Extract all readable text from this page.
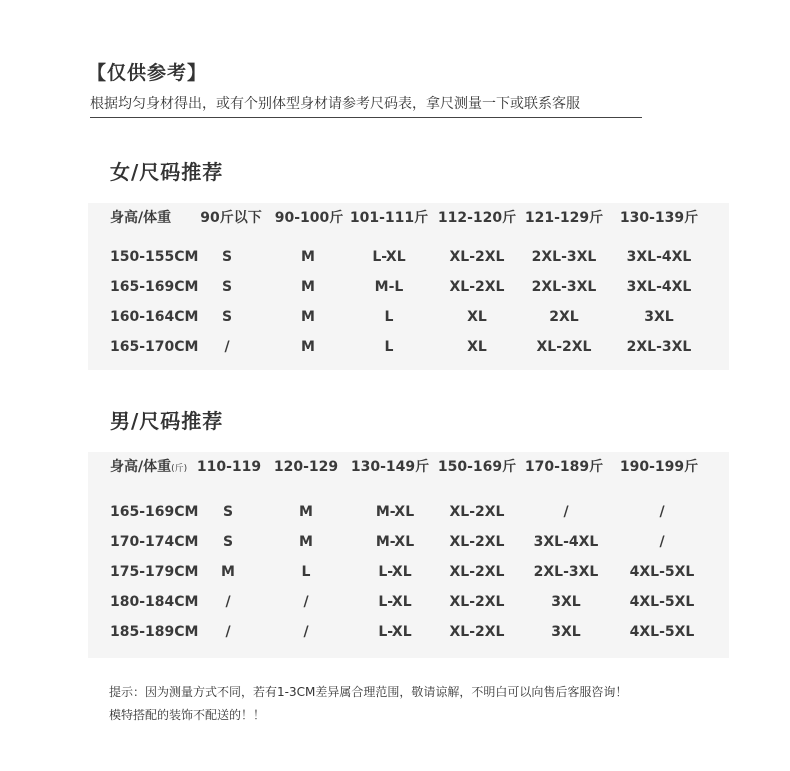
【仅供参考】
根据均匀身材得出，或有个别体型身材请参考尺码表，拿尺测量一下或联系客服
女/尺码推荐
身高/体重 90斤以下 90-100斤 101-111斤 112-120斤 121-129斤 130-139斤
150-155CM	S	M	L-XL	XL-2XL	2XL-3XL	3XL-4XL
165-169CM	S	M	M-L	XL-2XL	2XL-3XL	3XL-4XL
160-164CM	S	M	L	XL	2XL	3XL
165-170CM	/	M	L	XL	XL-2XL	2XL-3XL
男/尺码推荐
身高/体重(斤) 110-119 120-129 130-149斤 150-169斤 170-189斤 190-199斤
165-169CM	S	M	M-XL	XL-2XL	/	/
170-174CM	S	M	M-XL	XL-2XL	3XL-4XL	/
175-179CM	M	L	L-XL	XL-2XL	2XL-3XL	4XL-5XL
180-184CM	/	/	L-XL	XL-2XL	3XL	4XL-5XL
185-189CM	/	/	L-XL	XL-2XL	3XL	4XL-5XL
提示：因为测量方式不同，若有1-3CM差异属合理范围，敬请谅解，不明白可以向售后客服咨询！
模特搭配的装饰不配送的！！
